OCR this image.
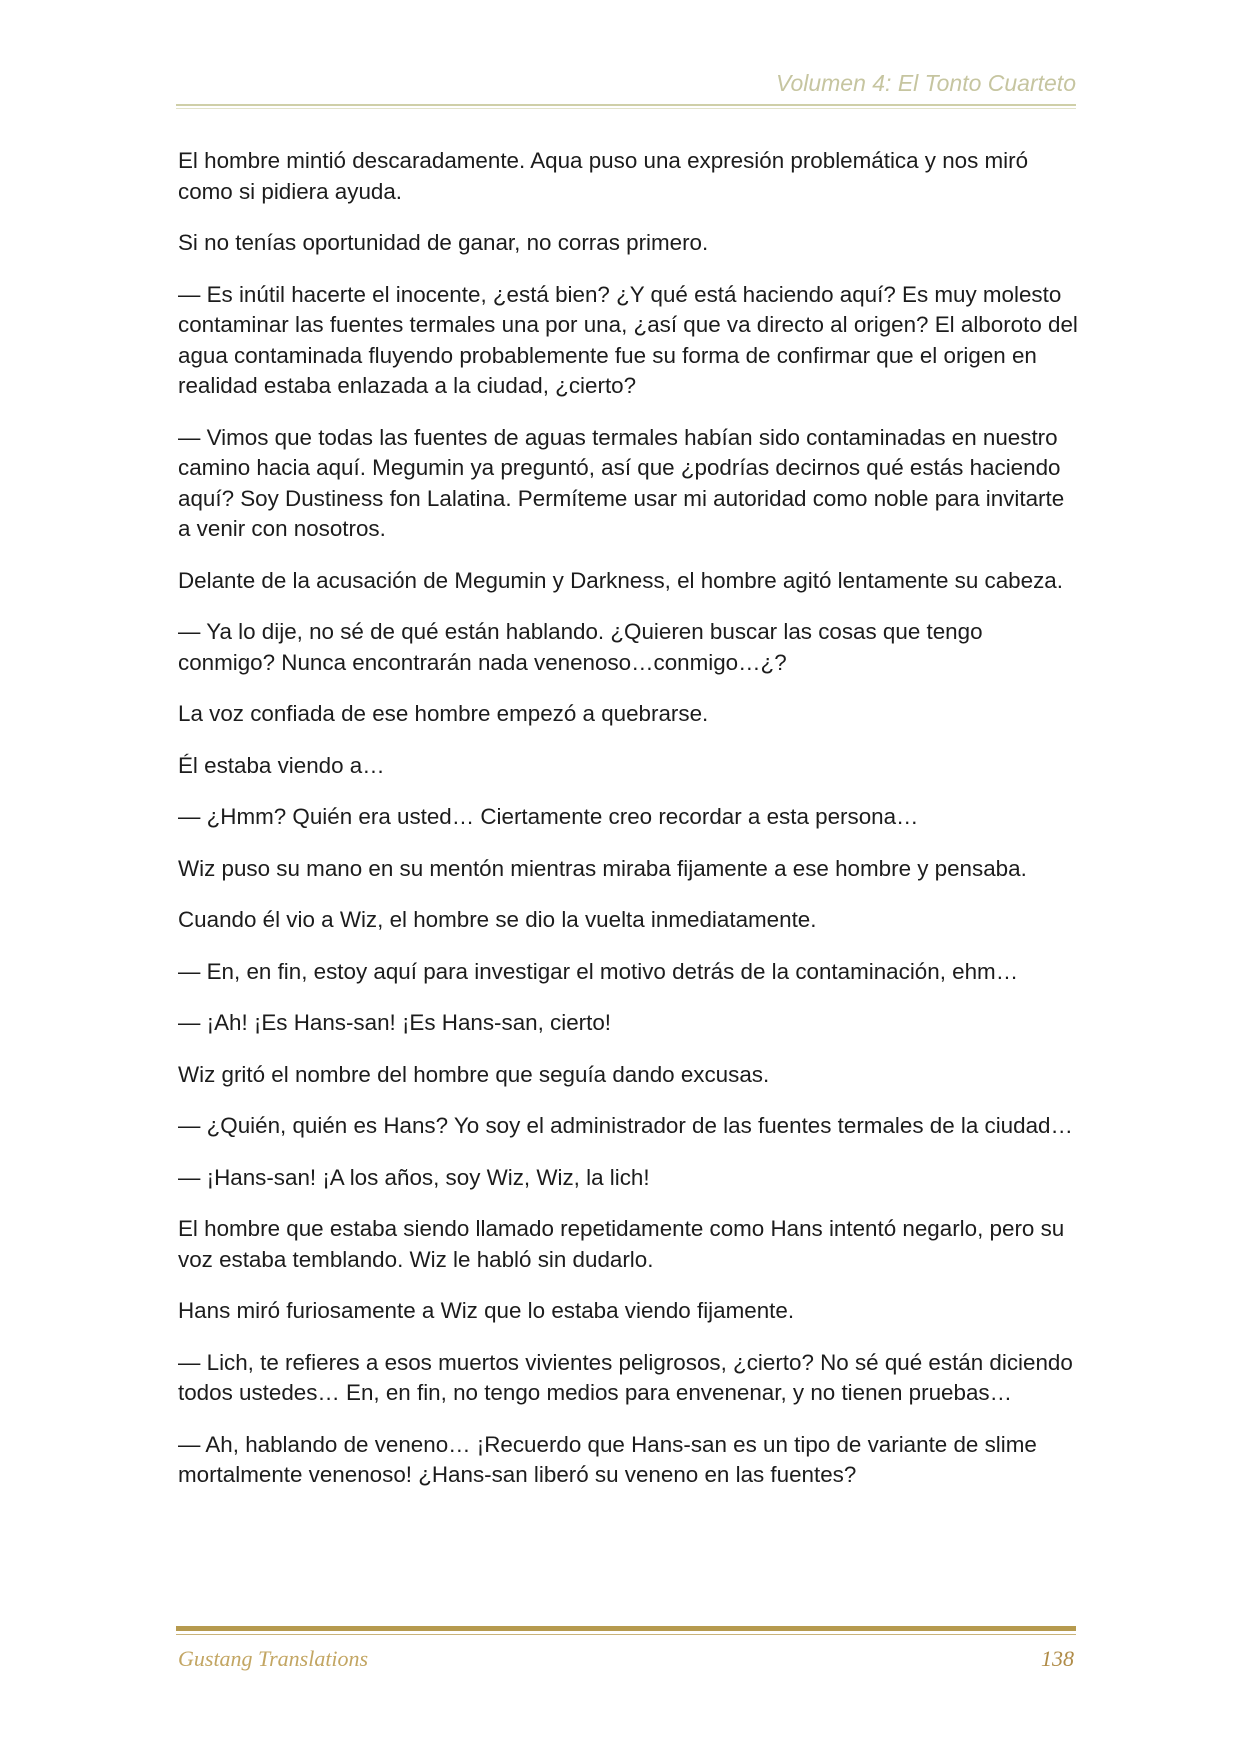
Volumen 4: El Tonto Cuarteto

El hombre mintió descaradamente. Aqua puso una expresión problemática y nos miró como si pidiera ayuda.

Si no tenías oportunidad de ganar, no corras primero.

— Es inútil hacerte el inocente, ¿está bien? ¿Y qué está haciendo aquí? Es muy molesto contaminar las fuentes termales una por una, ¿así que va directo al origen? El alboroto del agua contaminada fluyendo probablemente fue su forma de confirmar que el origen en realidad estaba enlazada a la ciudad, ¿cierto?

— Vimos que todas las fuentes de aguas termales habían sido contaminadas en nuestro camino hacia aquí. Megumin ya preguntó, así que ¿podrías decirnos qué estás haciendo aquí? Soy Dustiness fon Lalatina. Permíteme usar mi autoridad como noble para invitarte a venir con nosotros.

Delante de la acusación de Megumin y Darkness, el hombre agitó lentamente su cabeza.

— Ya lo dije, no sé de qué están hablando. ¿Quieren buscar las cosas que tengo conmigo? Nunca encontrarán nada venenoso…conmigo…¿?

La voz confiada de ese hombre empezó a quebrarse.

Él estaba viendo a…

— ¿Hmm? Quién era usted… Ciertamente creo recordar a esta persona…

Wiz puso su mano en su mentón mientras miraba fijamente a ese hombre y pensaba.

Cuando él vio a Wiz, el hombre se dio la vuelta inmediatamente.

— En, en fin, estoy aquí para investigar el motivo detrás de la contaminación, ehm…

— ¡Ah! ¡Es Hans-san! ¡Es Hans-san, cierto!

Wiz gritó el nombre del hombre que seguía dando excusas.

— ¿Quién, quién es Hans? Yo soy el administrador de las fuentes termales de la ciudad…

— ¡Hans-san! ¡A los años, soy Wiz, Wiz, la lich!

El hombre que estaba siendo llamado repetidamente como Hans intentó negarlo, pero su voz estaba temblando. Wiz le habló sin dudarlo.

Hans miró furiosamente a Wiz que lo estaba viendo fijamente.

— Lich, te refieres a esos muertos vivientes peligrosos, ¿cierto? No sé qué están diciendo todos ustedes… En, en fin, no tengo medios para envenenar, y no tienen pruebas…

— Ah, hablando de veneno… ¡Recuerdo que Hans-san es un tipo de variante de slime mortalmente venenoso! ¿Hans-san liberó su veneno en las fuentes?

Gustang Translations	138
